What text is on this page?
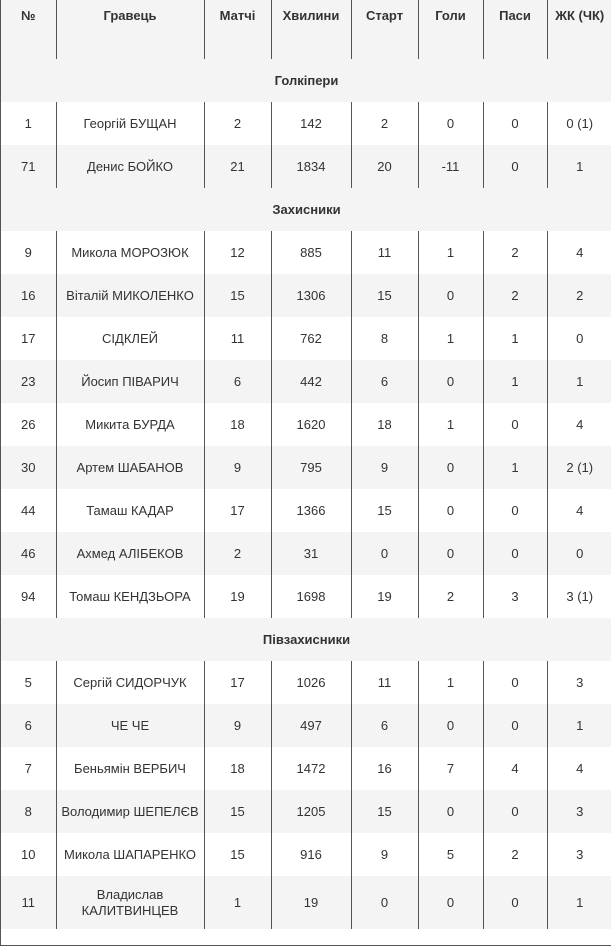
№	Гравець	Матчі	Хвилини	Старт	Голи	Паси	ЖК (ЧК)
Голкіпери							
1	Георгій БУЩАН	2	142	2	0	0	0 (1)
71	Денис БОЙКО	21	1834	20	-11	0	1
Захисники							
9	Микола МОРОЗЮК	12	885	11	1	2	4
16	Віталій МИКОЛЕНКО	15	1306	15	0	2	2
17	СІДКЛЕЙ	11	762	8	1	1	0
23	Йосип ПІВАРИЧ	6	442	6	0	1	1
26	Микита БУРДА	18	1620	18	1	0	4
30	Артем ШАБАНОВ	9	795	9	0	1	2 (1)
44	Тамаш КАДАР	17	1366	15	0	0	4
46	Ахмед АЛІБЕКОВ	2	31	0	0	0	0
94	Томаш КЕНДЗЬОРА	19	1698	19	2	3	3 (1)
Півзахисники							
5	Сергій СИДОРЧУК	17	1026	11	1	0	3
6	ЧЕ ЧЕ	9	497	6	0	0	1
7	Беньямін ВЕРБИЧ	18	1472	16	7	4	4
8	Володимир ШЕПЕЛЄВ	15	1205	15	0	0	3
10	Микола ШАПАРЕНКО	15	916	9	5	2	3
11	Владислав КАЛИТВИНЦЕВ	1	19	0	0	0	1
